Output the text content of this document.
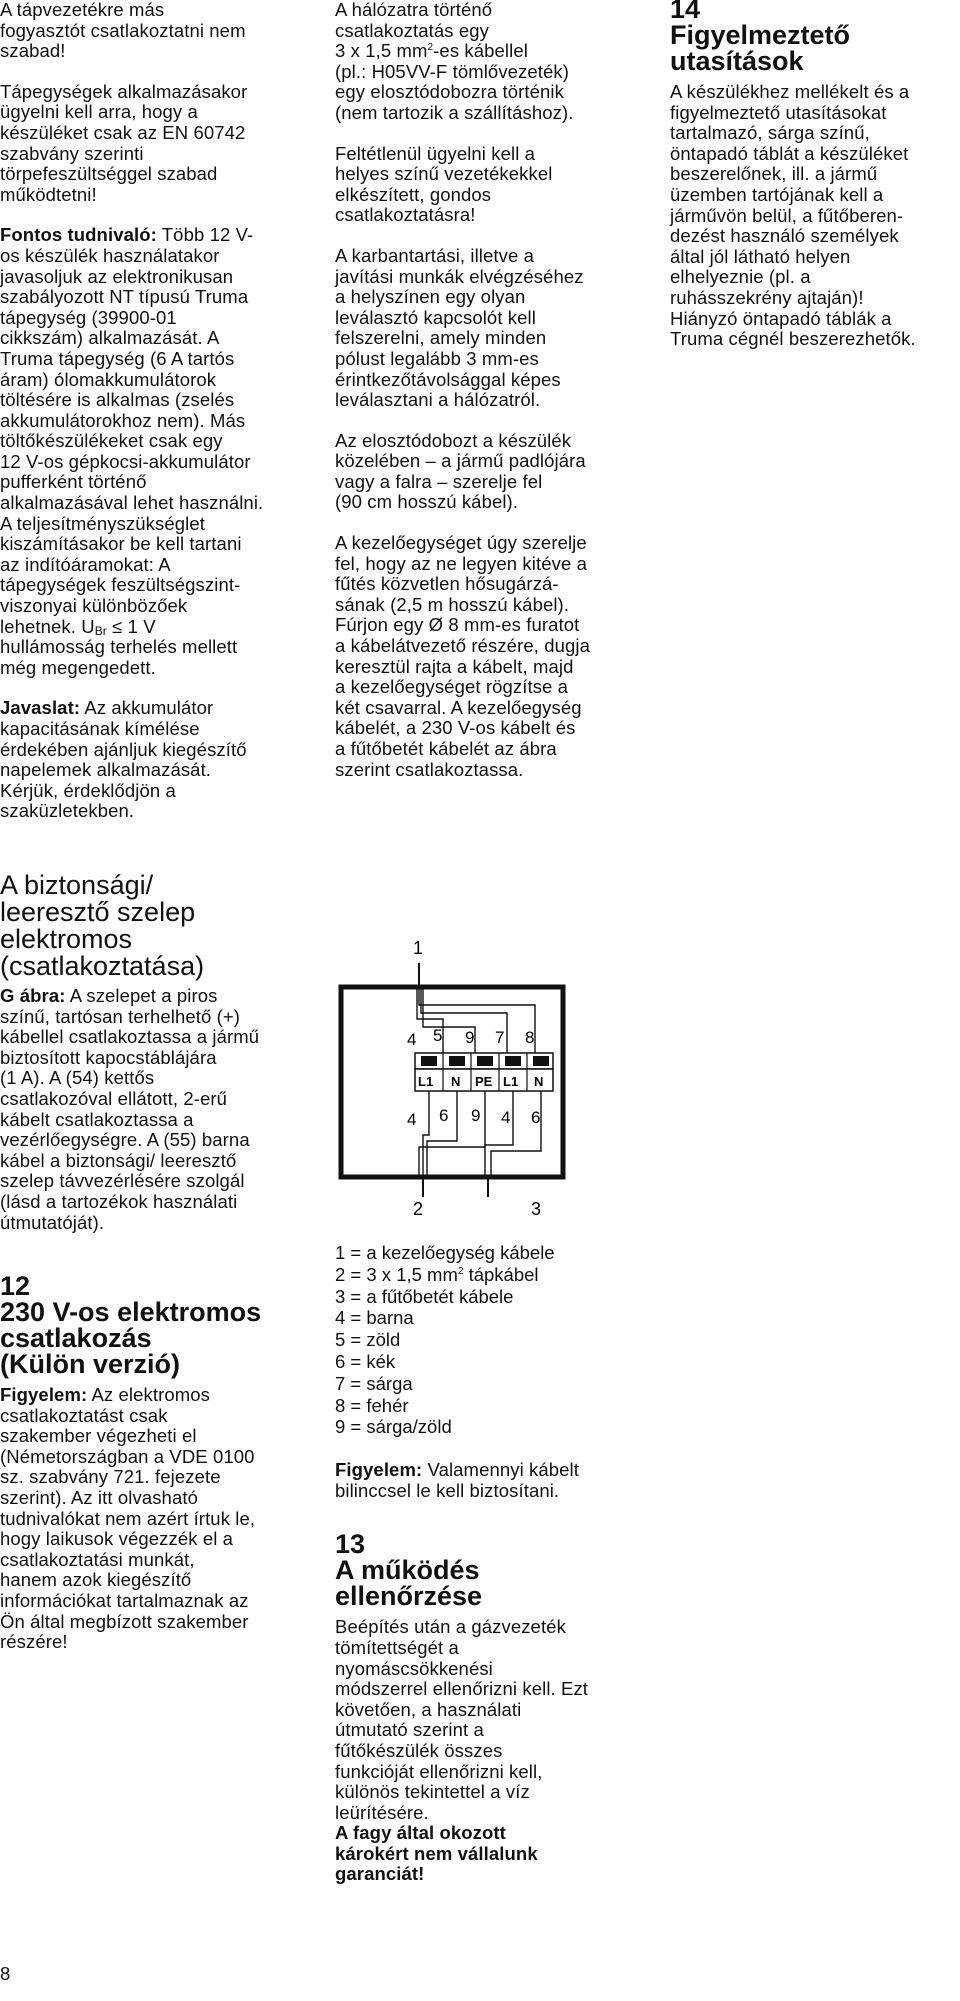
A tápvezetékre más
fogyasztót csatlakoztatni nem
szabad!

Tápegységek alkalmazásakor
ügyelni kell arra, hogy a
készüléket csak az EN 60742
szabvány szerinti
törpefeszültséggel szabad
működtetni!

Fontos tudnivaló: Több 12 V-
os készülék használatakor
javasoljuk az elektronikusan
szabályozott NT típusú Truma
tápegység (39900-01
cikkszám) alkalmazását. A
Truma tápegység (6 A tartós
áram) ólomakkumulátorok
töltésére is alkalmas (zselés
akkumulátorokhoz nem). Más
töltőkészülékeket csak egy
12 V-os gépkocsi-akkumulátor
pufferként történő
alkalmazásával lehet használni.
A teljesítményszükséglet
kiszámításakor be kell tartani
az indítóáramokat: A
tápegységek feszültségszint-
viszonyai különbözőek
lehetnek. $U_{Br} \le 1$ V
hullámosság terhelés mellett
még megengedett.

Javaslat: Az akkumulátor
kapacitásának kímélése
érdekében ajánljuk kiegészítő
napelemek alkalmazását.
Kérjük, érdeklődjön a
szaküzletekben.

A biztonsági/
leeresztő szelep
elektromos
(csatlakoztatása)

G ábra: A szelepet a piros
színű, tartósan terhelhető (+)
kábellel csatlakoztassa a jármű
biztosított kapocstáblájára
(1 A). A (54) kettős
csatlakozóval ellátott, 2-erű
kábelt csatlakoztassa a
vezérlőegységre. A (55) barna
kábel a biztonsági/ leeresztő
szelep távvezérlésére szolgál
(lásd a tartozékok használati
útmutatóját).

12
230 V-os elektromos
csatlakozás
(Külön verzió)

Figyelem: Az elektromos
csatlakoztatást csak
szakember végezheti el
(Németországban a VDE 0100
sz. szabvány 721. fejezete
szerint). Az itt olvasható
tudnivalókat nem azért írtuk le,
hogy laikusok végezzék el a
csatlakoztatási munkát,
hanem azok kiegészítő
információkat tartalmaznak az
Ön által megbízott szakember
részére!

A hálózatra történő
csatlakoztatás egy
3 x 1,5 $mm^2-es$ kábellel
(pl.: H05VV-F tömlővezeték)
egy elosztódobozra történik
(nem tartozik a szállításhoz).

Feltétlenül ügyelni kell a
helyes színű vezetékekkel
elkészített, gondos
csatlakoztatásra!

A karbantartási, illetve a
javítási munkák elvégzéséhez
a helyszínen egy olyan
leválasztó kapcsolót kell
felszerelni, amely minden
pólust legalább 3 mm-es
érintkezőtávolsággal képes
leválasztani a hálózatról.

Az elosztódobozt a készülék
közelében – a jármű padlójára
vagy a falra – szerelje fel
(90 cm hosszú kábel).

A kezelőegységet úgy szerelje
fel, hogy az ne legyen kitéve a
fűtés közvetlen hősugárzá-
sának (2,5 m hosszú kábel).
Fúrjon egy Ø 8 mm-es furatot
a kábelátvezető részére, dugja
keresztül rajta a kábelt, majd
a kezelőegységet rögzítse a
két csavarral. A kezelőegység
kábelét, a 230 V-os kábelt és
a fűtőbetét kábelét az ábra
szerint csatlakoztassa.

1
4 5 9 7 8
L1 N PE L1 N
4 6 9 4 6
2	3
1 = a kezelőegység kábele
2 = 3 x 1,5 $mm^2$ tápkábel
3 = a fűtőbetét kábele
4 = barna
5 = zöld
6 = kék
7 = sárga
8 = fehér
9 = sárga/zöld

Figyelem: Valamennyi kábelt
bilinccsel le kell biztosítani.

13
A működés
ellenőrzése

Beépítés után a gázvezeték
tömítettségét a
nyomáscsökkenési
módszerrel ellenőrizni kell. Ezt
követően, a használati
útmutató szerint a
fűtőkészülék összes
funkcióját ellenőrizni kell,
különös tekintettel a víz
leürítésére.

A fagy által okozott
károkért nem vállalunk
garanciát!

14
Figyelmeztető
utasítások

A készülékhez mellékelt és a
figyelmeztető utasításokat
tartalmazó, sárga színű,
öntapadó táblát a készüléket
beszerelőnek, ill. a jármű
üzemben tartójának kell a
járművön belül, a fűtőberen-
dezést használó személyek
által jól látható helyen
elhelyeznie (pl. a
ruhásszekrény ajtaján)!
Hiányzó öntapadó táblák a
Truma cégnél beszerezhetők.

8
